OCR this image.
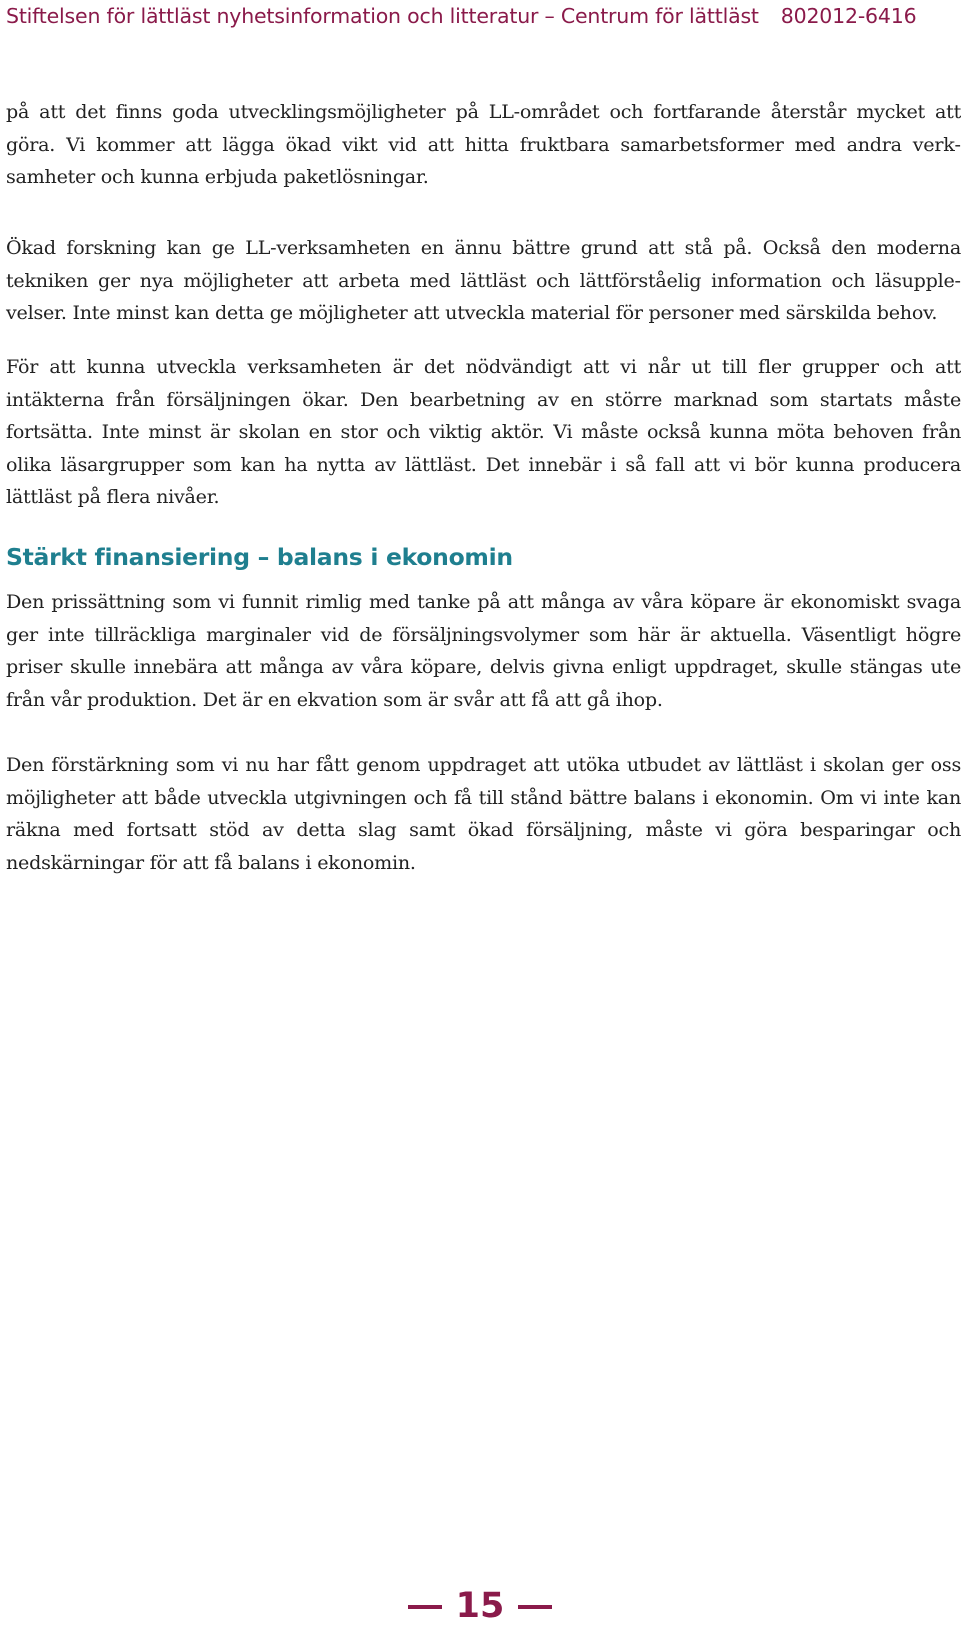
Stiftelsen för lättläst nyhetsinformation och litteratur – Centrum för lättläst 802012-6416

på att det finns goda utvecklingsmöjligheter på LL-området och fortfarande återstår mycket att göra. Vi kommer att lägga ökad vikt vid att hitta fruktbara samarbetsformer med andra verksamheter och kunna erbjuda paketlösningar.

Ökad forskning kan ge LL-verksamheten en ännu bättre grund att stå på. Också den moderna tekniken ger nya möjligheter att arbeta med lättläst och lättförståelig information och läsupplevelser. Inte minst kan detta ge möjligheter att utveckla material för personer med särskilda behov.

För att kunna utveckla verksamheten är det nödvändigt att vi når ut till fler grupper och att intäkterna från försäljningen ökar. Den bearbetning av en större marknad som startats måste fortsätta. Inte minst är skolan en stor och viktig aktör. Vi måste också kunna möta behoven från olika läsargrupper som kan ha nytta av lättläst. Det innebär i så fall att vi bör kunna producera lättläst på flera nivåer.

Stärkt finansiering – balans i ekonomin

Den prissättning som vi funnit rimlig med tanke på att många av våra köpare är ekonomiskt svaga ger inte tillräckliga marginaler vid de försäljningsvolymer som här är aktuella. Väsentligt högre priser skulle innebära att många av våra köpare, delvis givna enligt uppdraget, skulle stängas ute från vår produktion. Det är en ekvation som är svår att få att gå ihop.

Den förstärkning som vi nu har fått genom uppdraget att utöka utbudet av lättläst i skolan ger oss möjligheter att både utveckla utgivningen och få till stånd bättre balans i ekonomin. Om vi inte kan räkna med fortsatt stöd av detta slag samt ökad försäljning, måste vi göra besparingar och nedskärningar för att få balans i ekonomin.

15
